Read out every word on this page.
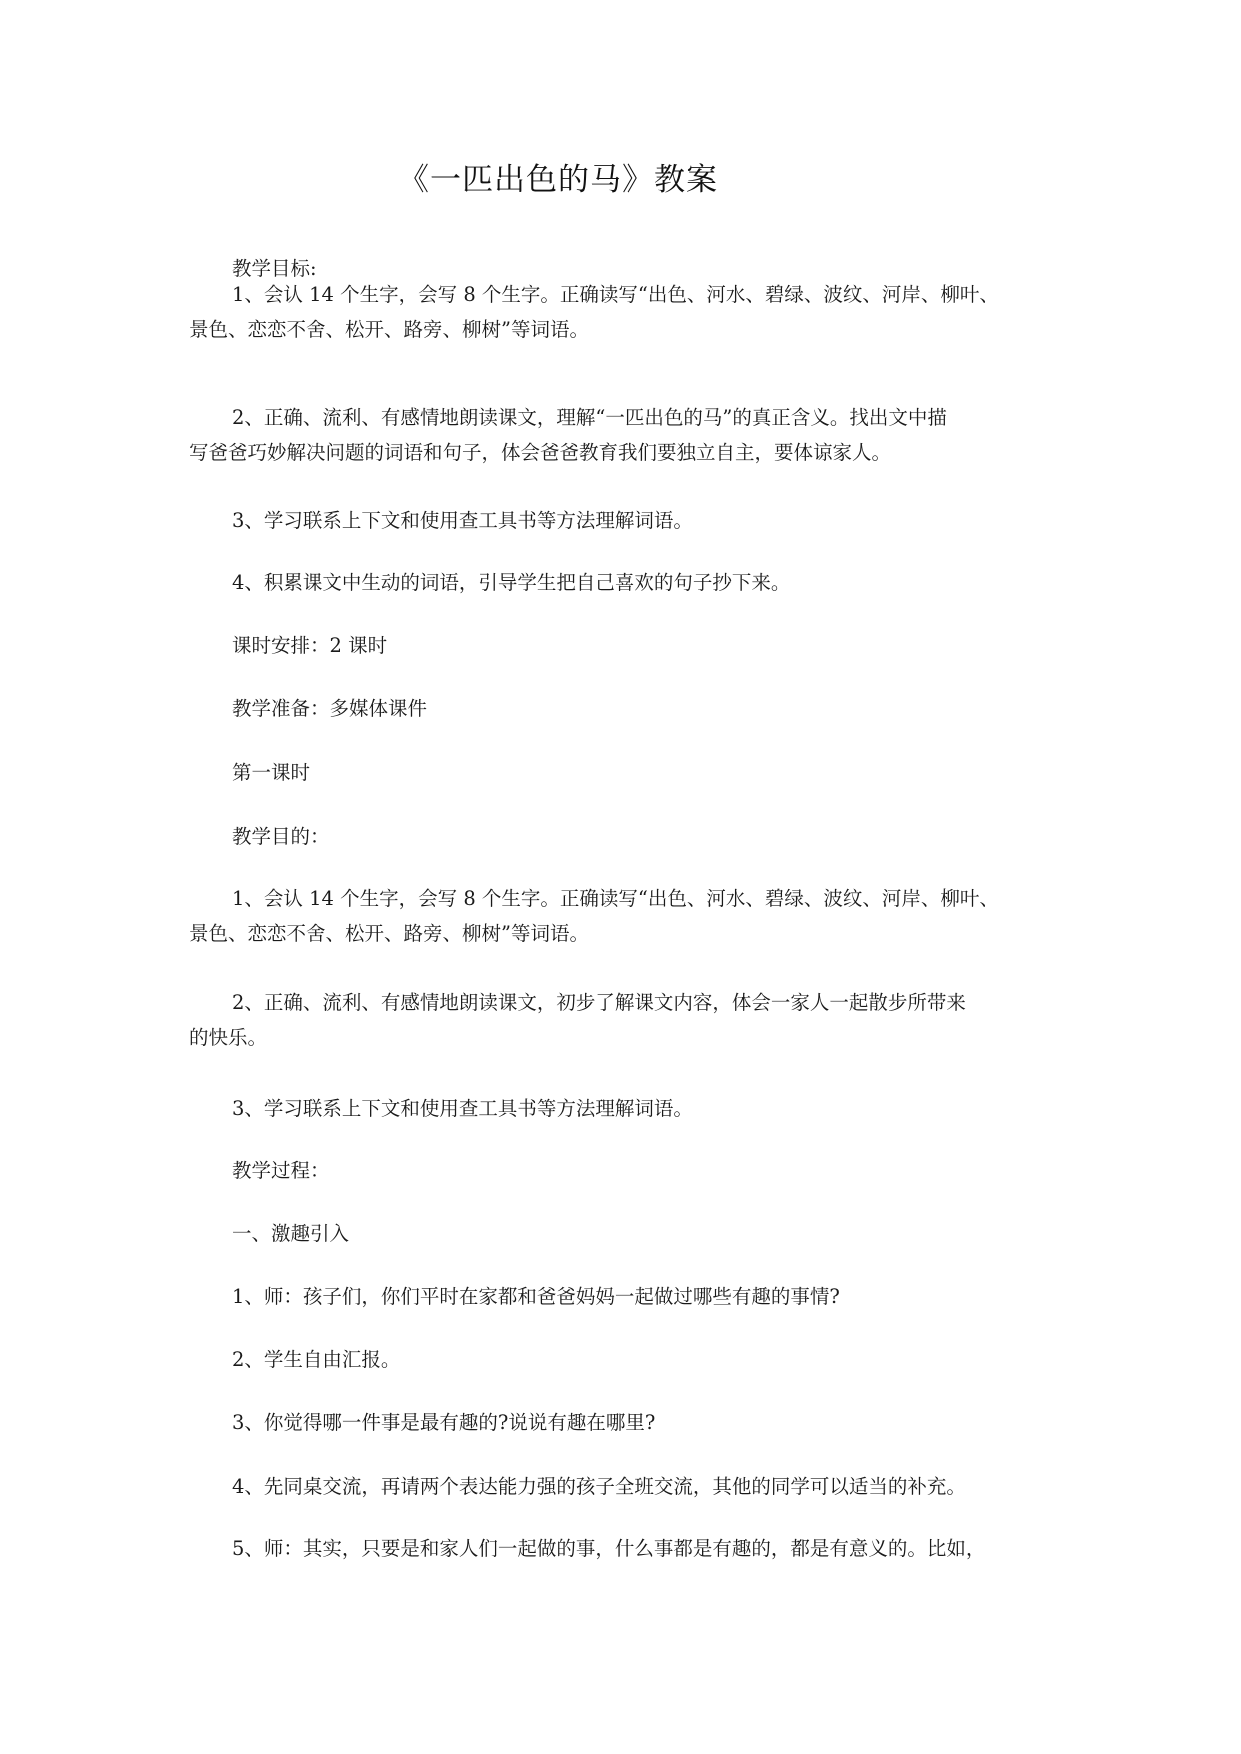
《一匹出色的马》教案
教学目标:
1、会认 14 个生字，会写 8 个生字。正确读写“出色、河水、碧绿、波纹、河岸、柳叶、
景色、恋恋不舍、松开、路旁、柳树”等词语。
2、正确、流利、有感情地朗读课文，理解“一匹出色的马”的真正含义。找出文中描
写爸爸巧妙解决问题的词语和句子，体会爸爸教育我们要独立自主，要体谅家人。
3、学习联系上下文和使用查工具书等方法理解词语。
4、积累课文中生动的词语，引导学生把自己喜欢的句子抄下来。
课时安排：2 课时
教学准备：多媒体课件
第一课时
教学目的：
1、会认 14 个生字，会写 8 个生字。正确读写“出色、河水、碧绿、波纹、河岸、柳叶、
景色、恋恋不舍、松开、路旁、柳树”等词语。
2、正确、流利、有感情地朗读课文，初步了解课文内容，体会一家人一起散步所带来
的快乐。
3、学习联系上下文和使用查工具书等方法理解词语。
教学过程：
一、激趣引入
1、师：孩子们，你们平时在家都和爸爸妈妈一起做过哪些有趣的事情?
2、学生自由汇报。
3、你觉得哪一件事是最有趣的?说说有趣在哪里?
4、先同桌交流，再请两个表达能力强的孩子全班交流，其他的同学可以适当的补充。
5、师：其实，只要是和家人们一起做的事，什么事都是有趣的，都是有意义的。比如，
